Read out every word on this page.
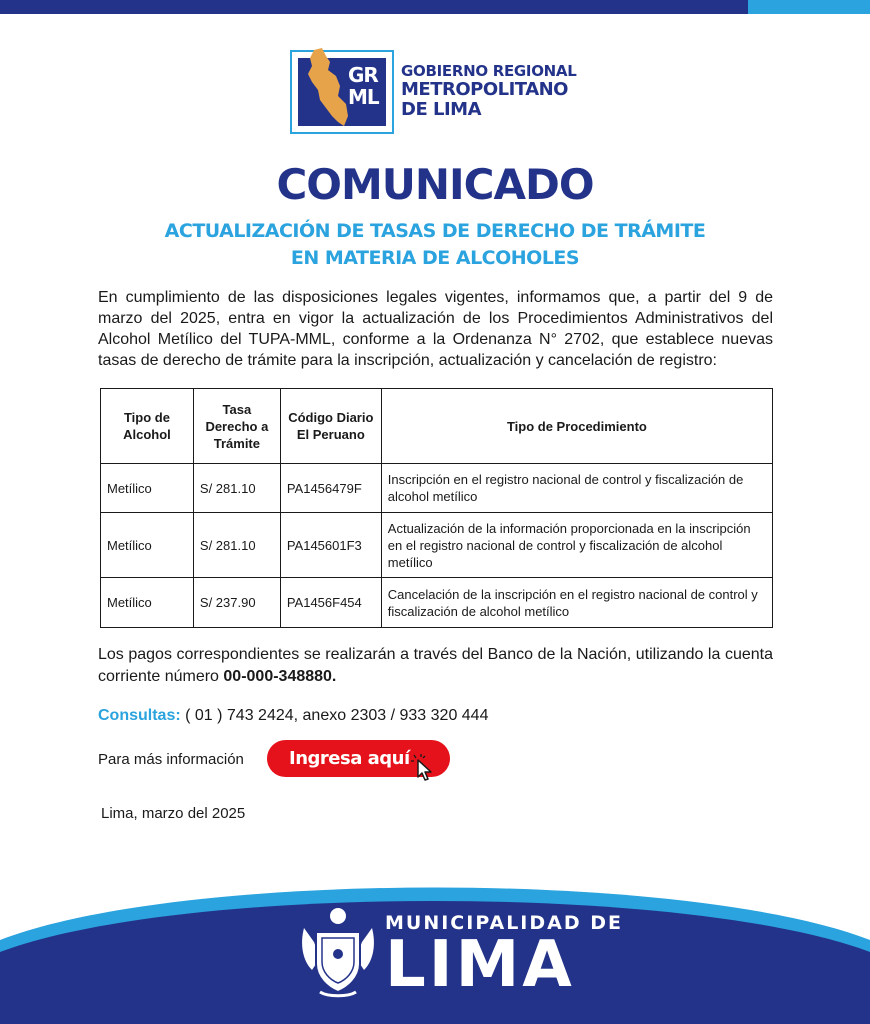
GR
ML
GOBIERNO REGIONAL
METROPOLITANO
DE LIMA
COMUNICADO
ACTUALIZACIÓN DE TASAS DE DERECHO DE TRÁMITE
EN MATERIA DE ALCOHOLES

En cumplimiento de las disposiciones legales vigentes, informamos que, a partir del 9 de marzo del 2025, entra en vigor la actualización de los Procedimientos Administrativos del Alcohol Metílico del TUPA-MML, conforme a la Ordenanza N° 2702, que establece nuevas tasas de derecho de trámite para la inscripción, actualización y cancelación de registro:

Tipo de Alcohol	Tasa Derecho a Trámite	Código Diario El Peruano	Tipo de Procedimiento
Metílico	S/ 281.10	PA1456479F	Inscripción en el registro nacional de control y fiscalización de alcohol metílico
Metílico	S/ 281.10	PA145601F3	Actualización de la información proporcionada en la inscripción en el registro nacional de control y fiscalización de alcohol metílico
Metílico	S/ 237.90	PA1456F454	Cancelación de la inscripción en el registro nacional de control y fiscalización de alcohol metílico

Los pagos correspondientes se realizarán a través del Banco de la Nación, utilizando la cuenta corriente número 00-000-348880.

Consultas: ( 01 ) 743 2424, anexo 2303 / 933 320 444
Para más información	Ingresa aquí
Lima, marzo del 2025
MUNICIPALIDAD DE
LIMA
